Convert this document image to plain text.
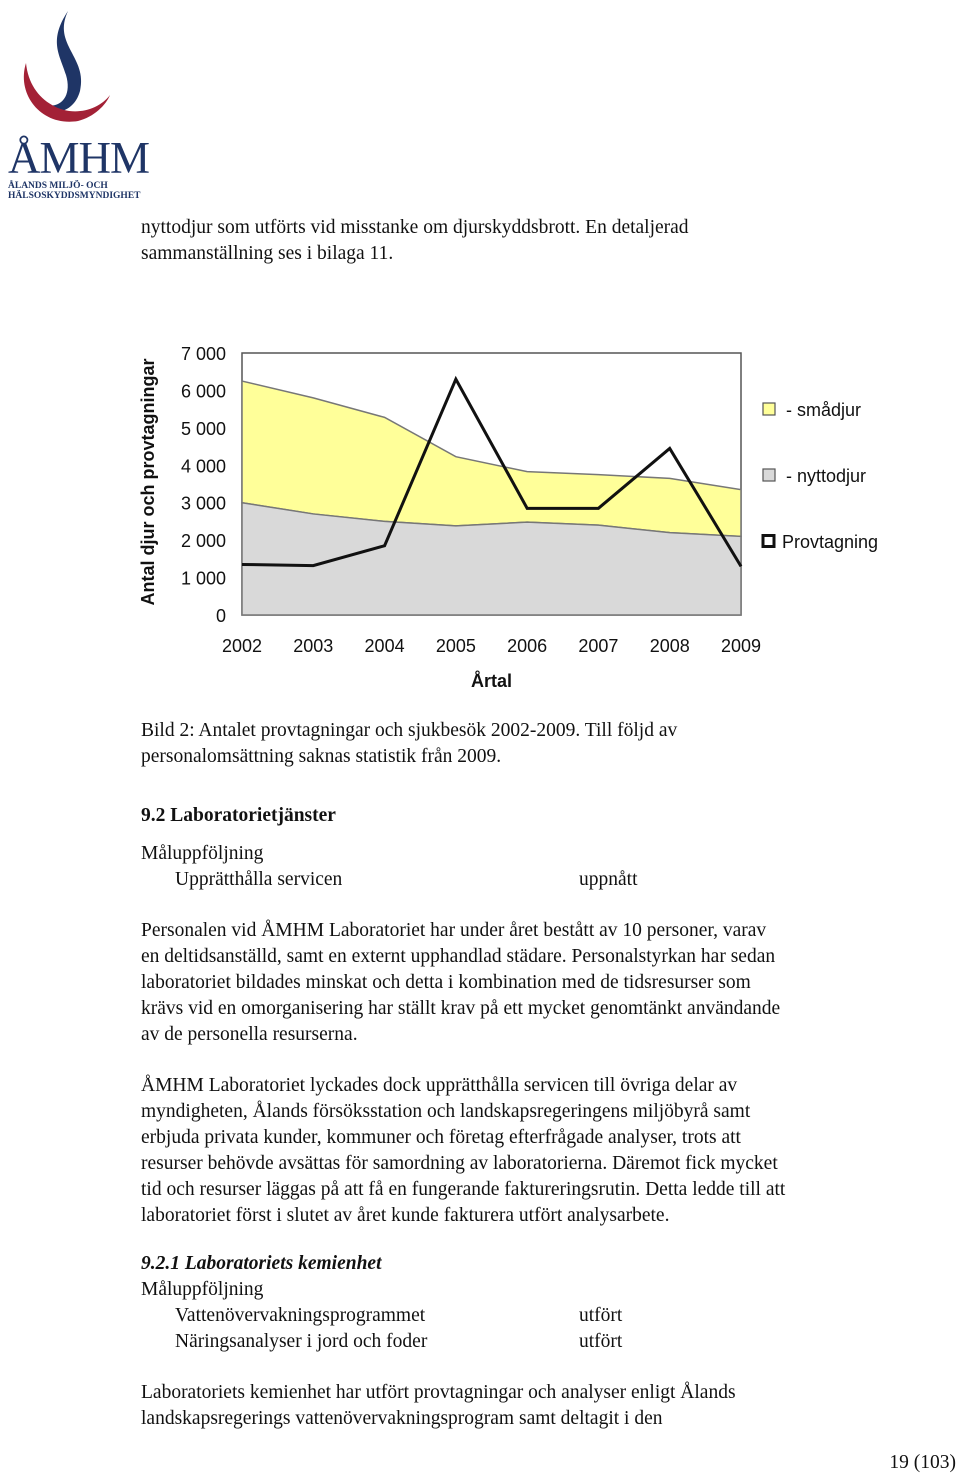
ÅMHM
ÅLANDS MILJÖ- OCH
HÄLSOSKYDDSMYNDIGHET
nyttodjur som utförts vid misstanke om djurskyddsbrott. En detaljerad
sammanställning ses i bilaga 11.
0
1 000
2 000
3 000
4 000
5 000
6 000
7 000
2002 2003 2004 2005 2006 2007 2008 2009
Årtal
Antal djur och provtagningar	- smådjur
- nyttodjur
Provtagning
Bild 2: Antalet provtagningar och sjukbesök 2002-2009. Till följd av
personalomsättning saknas statistik från 2009.
9.2 Laboratorietjänster
Måluppföljning
Upprätthålla servicen	uppnått
Personalen vid ÅMHM Laboratoriet har under året bestått av 10 personer, varav
en deltidsanställd, samt en externt upphandlad städare. Personalstyrkan har sedan
laboratoriet bildades minskat och detta i kombination med de tidsresurser som
krävs vid en omorganisering har ställt krav på ett mycket genomtänkt användande
av de personella resurserna.
ÅMHM Laboratoriet lyckades dock upprätthålla servicen till övriga delar av
myndigheten, Ålands försöksstation och landskapsregeringens miljöbyrå samt
erbjuda privata kunder, kommuner och företag efterfrågade analyser, trots att
resurser behövde avsättas för samordning av laboratorierna. Däremot fick mycket
tid och resurser läggas på att få en fungerande faktureringsrutin. Detta ledde till att
laboratoriet först i slutet av året kunde fakturera utfört analysarbete.
9.2.1 Laboratoriets kemienhet
Måluppföljning
Vattenövervakningsprogrammet	utfört
Näringsanalyser i jord och foder	utfört
Laboratoriets kemienhet har utfört provtagningar och analyser enligt Ålands
landskapsregerings vattenövervakningsprogram samt deltagit i den
19 (103)
